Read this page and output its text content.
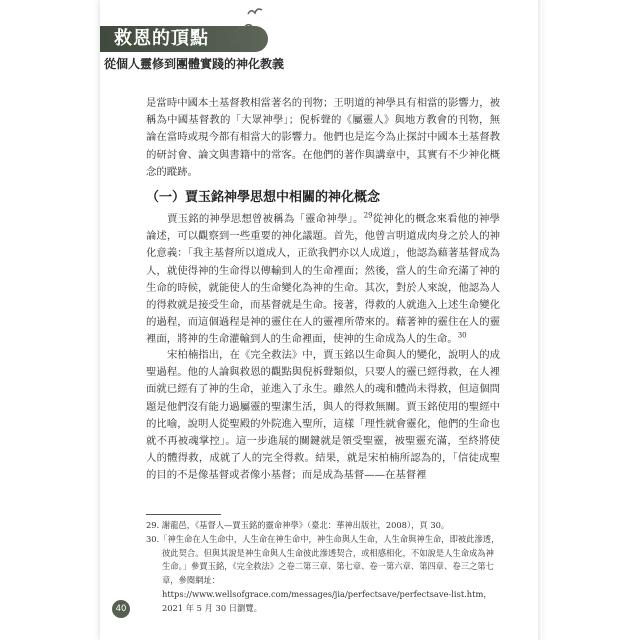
救恩的頂點
從個人靈修到團體實踐的神化教義
是當時中國本土基督教相當著名的刊物；王明道的神學具有相當的影響力，被稱為中國基督教的「大眾神學」；倪柝聲的《屬靈人》與地方教會的刊物，無論在當時或現今都有相當大的影響力。他們也是迄今為止探討中國本土基督教的研討會、論文與書籍中的常客。在他們的著作與講章中，其實有不少神化概念的蹤跡。
（一）賈玉銘神學思想中相關的神化概念
賈玉銘的神學思想曾被稱為「靈命神學」。$^{29}$從神化的概念來看他的神學論述，可以觀察到一些重要的神化議題。首先，他曾言明道成肉身之於人的神化意義：「我主基督所以道成人，正欲我們亦以人成道」，他認為藉著基督成為人，就使得神的生命得以傳輸到人的生命裡面；然後，當人的生命充滿了神的生命的時候，就能使人的生命變化為神的生命。其次，對於人來說，他認為人的得救就是接受生命，而基督就是生命。接著，得救的人就進入上述生命變化的過程，而這個過程是神的靈住在人的靈裡所帶來的。藉著神的靈住在人的靈裡面，將神的生命灌輸到人的生命裡面，使神的生命成為人的生命。$^{30}$
宋柏楠指出，在《完全救法》中，賈玉銘以生命與人的變化，說明人的成聖過程。他的人論與救恩的觀點與倪柝聲類似，只要人的靈已經得救，在人裡面就已經有了神的生命，並進入了永生。雖然人的魂和體尚未得救，但這個問題是他們沒有能力過屬靈的聖潔生活，與人的得救無關。賈玉銘使用的聖經中的比喻，說明人從聖殿的外院進入聖所，這樣「理性就會靈化，他們的生命也就不再被魂掌控」。這一步進展的關鍵就是領受聖靈，被聖靈充滿，至終將使人的體得救，成就了人的完全得救。結果，就是宋柏楠所認為的，「信徒成聖的目的不是像基督或者像小基督；而是成為基督——在基督裡

29. 謝龍邑，《基督人—賈玉銘的靈命神學》（臺北：華神出版社，2008），頁 30。

30.「神生命在人生命中，人生命在神生命中，神生命與人生命，人生命與神生命，即被此滲透，彼此契合。但與其說是神生命與人生命彼此滲透契合，或相感相化，不如說是人生命成為神生命。」參賈玉銘，《完全救法》之卷二第三章、第七章、卷一第六章、第四章、卷三之第七章，參閱網址：https://www.wellsofgrace.com/messages/jia/perfectsave/perfectsave-list.htm，2021 年 5 月 30 日瀏覽。

40
